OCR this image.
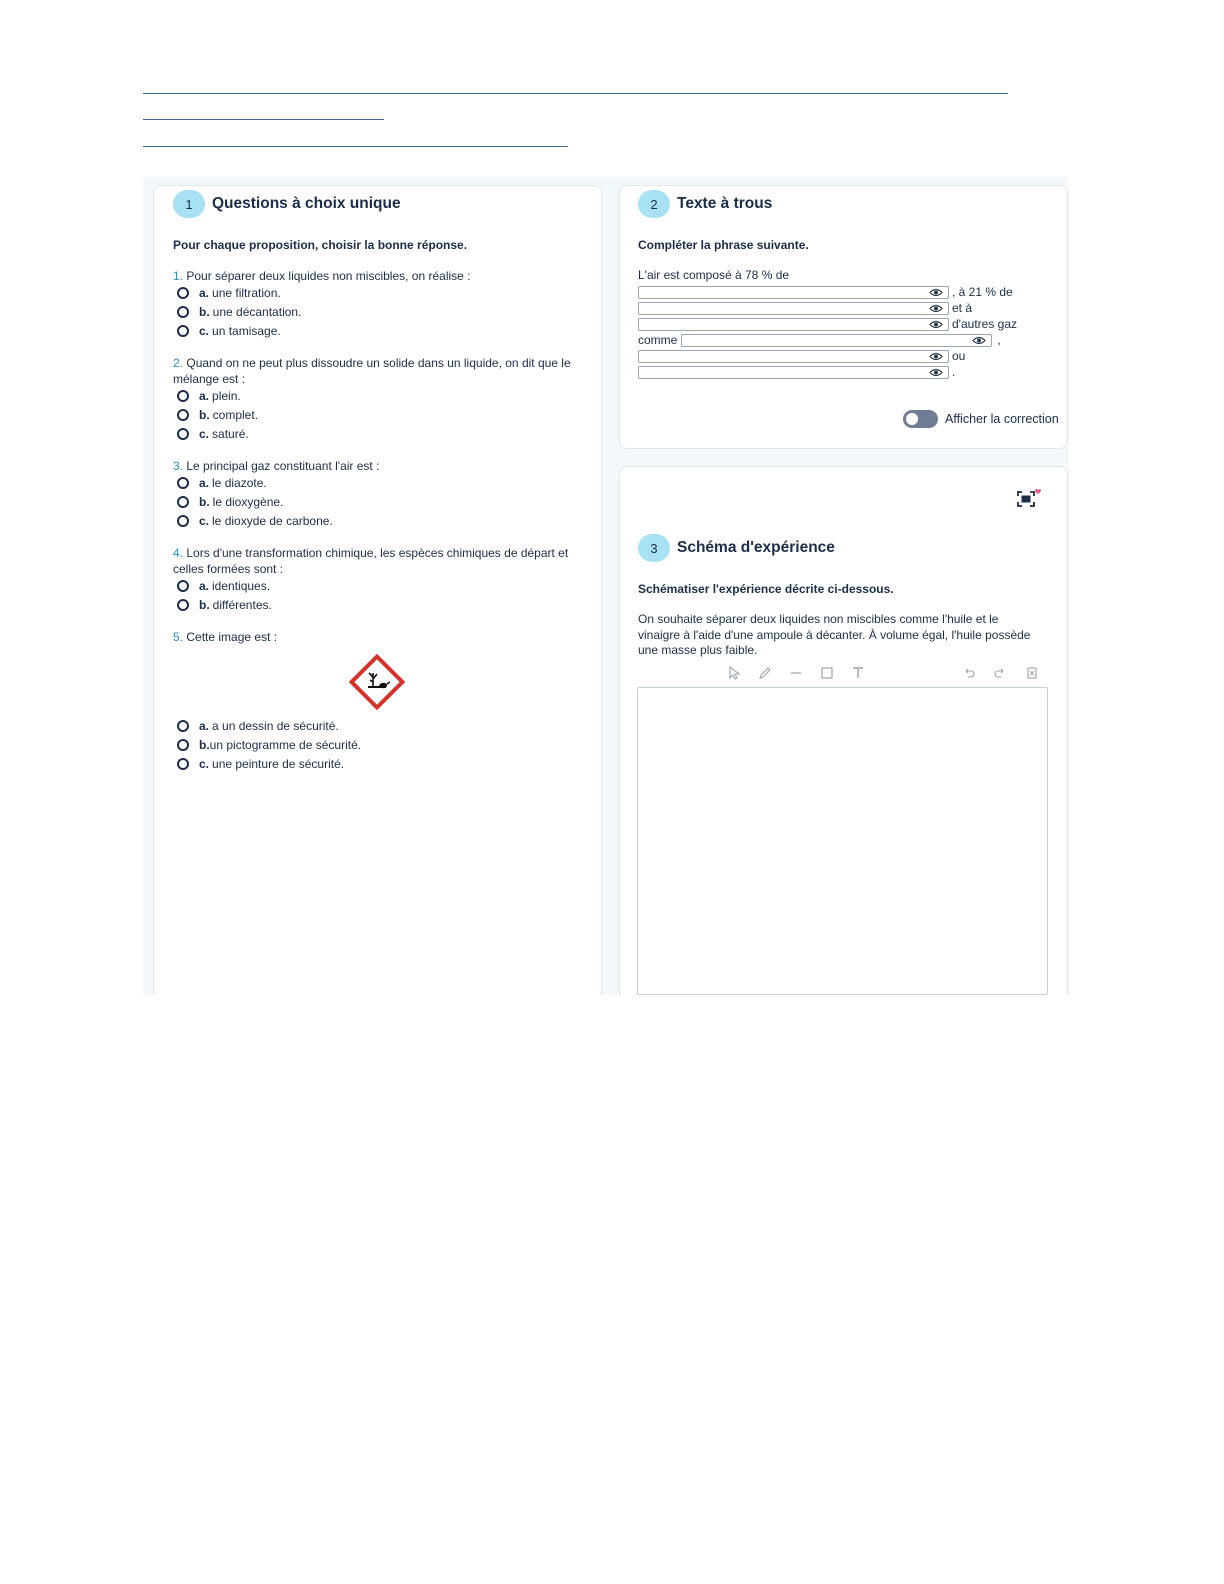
1	Questions à choix unique
Pour chaque proposition, choisir la bonne réponse.
1. Pour séparer deux liquides non miscibles, on réalise :
a. une filtration.
b. une décantation.
c. un tamisage.
2. Quand on ne peut plus dissoudre un solide dans un liquide, on dit que le mélange est :
a. plein.
b. complet.
c. saturé.
3. Le principal gaz constituant l'air est :
a. le diazote.
b. le dioxygène.
c. le dioxyde de carbone.
4. Lors d'une transformation chimique, les espèces chimiques de départ et celles formées sont :
a. identiques.
b. différentes.
5. Cette image est :
a. a un dessin de sécurité.
b. un pictogramme de sécurité.
c. une peinture de sécurité.
2	Texte à trous
Compléter la phrase suivante.
L'air est composé à 78 % de
, à 21 % de
et à
d'autres gaz
comme	,
ou
.
Afficher la correction
3	Schéma d'expérience
Schématiser l'expérience décrite ci-dessous.
On souhaite séparer deux liquides non miscibles comme l'huile et le vinaigre à l'aide d'une ampoule à décanter. À volume égal, l'huile possède une masse plus faible.
